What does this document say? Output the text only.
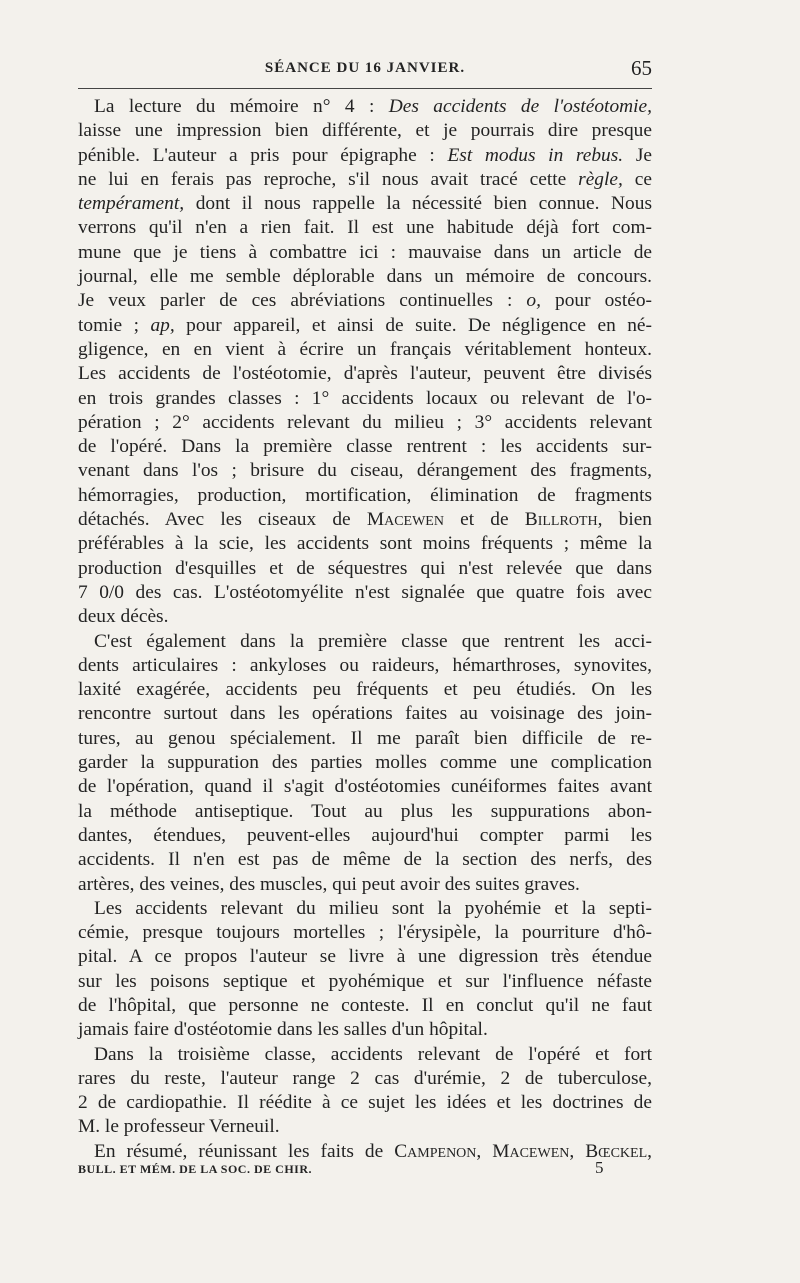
SÉANCE DU 16 JANVIER.	65

La lecture du mémoire n° 4 : Des accidents de l'ostéotomie,
laisse une impression bien différente, et je pourrais dire presque
pénible. L'auteur a pris pour épigraphe : Est modus in rebus. Je
ne lui en ferais pas reproche, s'il nous avait tracé cette règle, ce
tempérament, dont il nous rappelle la nécessité bien connue. Nous
verrons qu'il n'en a rien fait. Il est une habitude déjà fort com-
mune que je tiens à combattre ici : mauvaise dans un article de
journal, elle me semble déplorable dans un mémoire de concours.
Je veux parler de ces abréviations continuelles : o, pour ostéo-
tomie ; ap, pour appareil, et ainsi de suite. De négligence en né-
gligence, en en vient à écrire un français véritablement honteux.
Les accidents de l'ostéotomie, d'après l'auteur, peuvent être divisés
en trois grandes classes : 1° accidents locaux ou relevant de l'o-
pération ; 2° accidents relevant du milieu ; 3° accidents relevant
de l'opéré. Dans la première classe rentrent : les accidents sur-
venant dans l'os ; brisure du ciseau, dérangement des fragments,
hémorragies, production, mortification, élimination de fragments
détachés. Avec les ciseaux de Macewen et de Billroth, bien
préférables à la scie, les accidents sont moins fréquents ; même la
production d'esquilles et de séquestres qui n'est relevée que dans
7 0/0 des cas. L'ostéotomyélite n'est signalée que quatre fois avec
deux décès.

C'est également dans la première classe que rentrent les acci-
dents articulaires : ankyloses ou raideurs, hémarthroses, synovites,
laxité exagérée, accidents peu fréquents et peu étudiés. On les
rencontre surtout dans les opérations faites au voisinage des join-
tures, au genou spécialement. Il me paraît bien difficile de re-
garder la suppuration des parties molles comme une complication
de l'opération, quand il s'agit d'ostéotomies cunéiformes faites avant
la méthode antiseptique. Tout au plus les suppurations abon-
dantes, étendues, peuvent-elles aujourd'hui compter parmi les
accidents. Il n'en est pas de même de la section des nerfs, des
artères, des veines, des muscles, qui peut avoir des suites graves.

Les accidents relevant du milieu sont la pyohémie et la septi-
cémie, presque toujours mortelles ; l'érysipèle, la pourriture d'hô-
pital. A ce propos l'auteur se livre à une digression très étendue
sur les poisons septique et pyohémique et sur l'influence néfaste
de l'hôpital, que personne ne conteste. Il en conclut qu'il ne faut
jamais faire d'ostéotomie dans les salles d'un hôpital.

Dans la troisième classe, accidents relevant de l'opéré et fort
rares du reste, l'auteur range 2 cas d'urémie, 2 de tuberculose,
2 de cardiopathie. Il réédite à ce sujet les idées et les doctrines de
M. le professeur Verneuil.

En résumé, réunissant les faits de Campenon, Macewen, Bœckel,

BULL. ET MÉM. DE LA SOC. DE CHIR.	5
